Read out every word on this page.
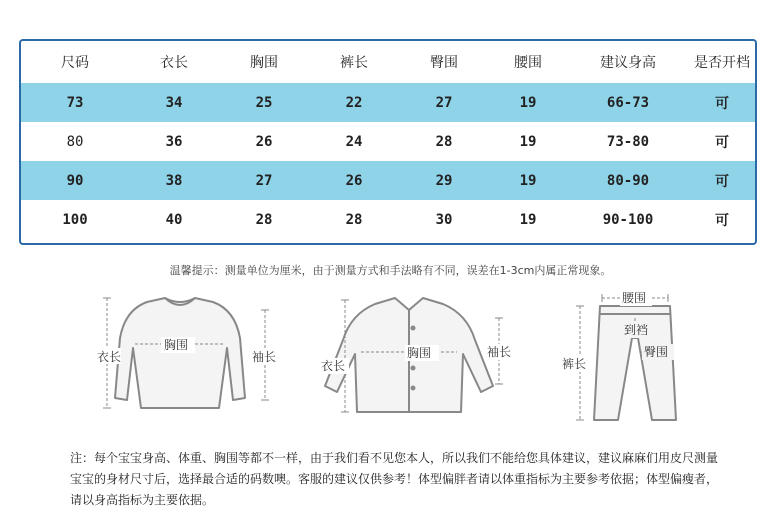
尺码	衣长	胸围	裤长	臀围	腰围	建议身高	是否开档
73	34	25	22	27	19	66-73	可
80	36	26	24	28	19	73-80	可
90	38	27	26	29	19	80-90	可
100	40	28	28	30	19	90-100	可
温馨提示：测量单位为厘米，由于测量方式和手法略有不同，误差在1-3cm内属正常现象。
衣长
胸围
袖长
衣长
胸围	袖长
腰围
到裆
臀围
裤长
注：每个宝宝身高、体重、胸围等都不一样，由于我们看不见您本人，所以我们不能给您具体建议，建议麻麻们用皮尺测量宝宝的身材尺寸后，选择最合适的码数噢。客服的建议仅供参考！体型偏胖者请以体重指标为主要参考依据；体型偏瘦者，请以身高指标为主要依据。
